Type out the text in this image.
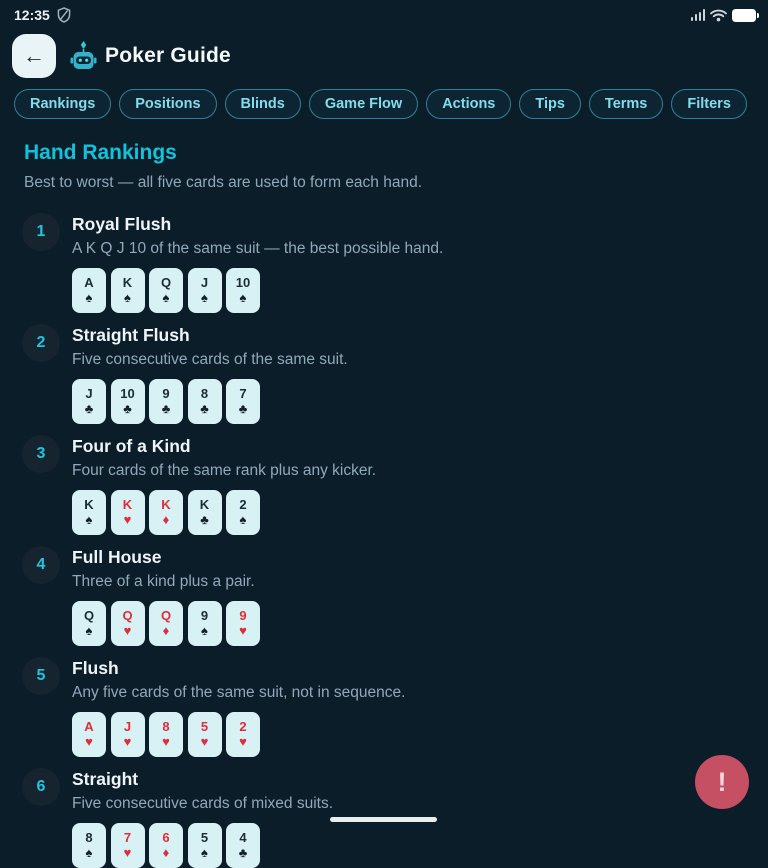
12:35
←	Poker Guide
Rankings	Positions	Blinds	Game Flow	Actions	Tips	Terms	Filters
Hand Rankings
Best to worst — all five cards are used to form each hand.
1	Royal Flush
A K Q J 10 of the same suit — the best possible hand.
A
♠
K
♠
Q
♠
J
♠
10
♠
2	Straight Flush
Five consecutive cards of the same suit.
J
♣
10
♣
9
♣
8
♣
7
♣
3	Four of a Kind
Four cards of the same rank plus any kicker.
K
♠
K
♥
K
♦
K
♣
2
♠
4	Full House
Three of a kind plus a pair.
Q
♠
Q
♥
Q
♦
9
♠
9
♥
5	Flush
Any five cards of the same suit, not in sequence.
A
♥
J
♥
8
♥
5
♥
2
♥
6	Straight
Five consecutive cards of mixed suits.
8
♠
7
♥
6
♦
5
♠
4
♣
!
